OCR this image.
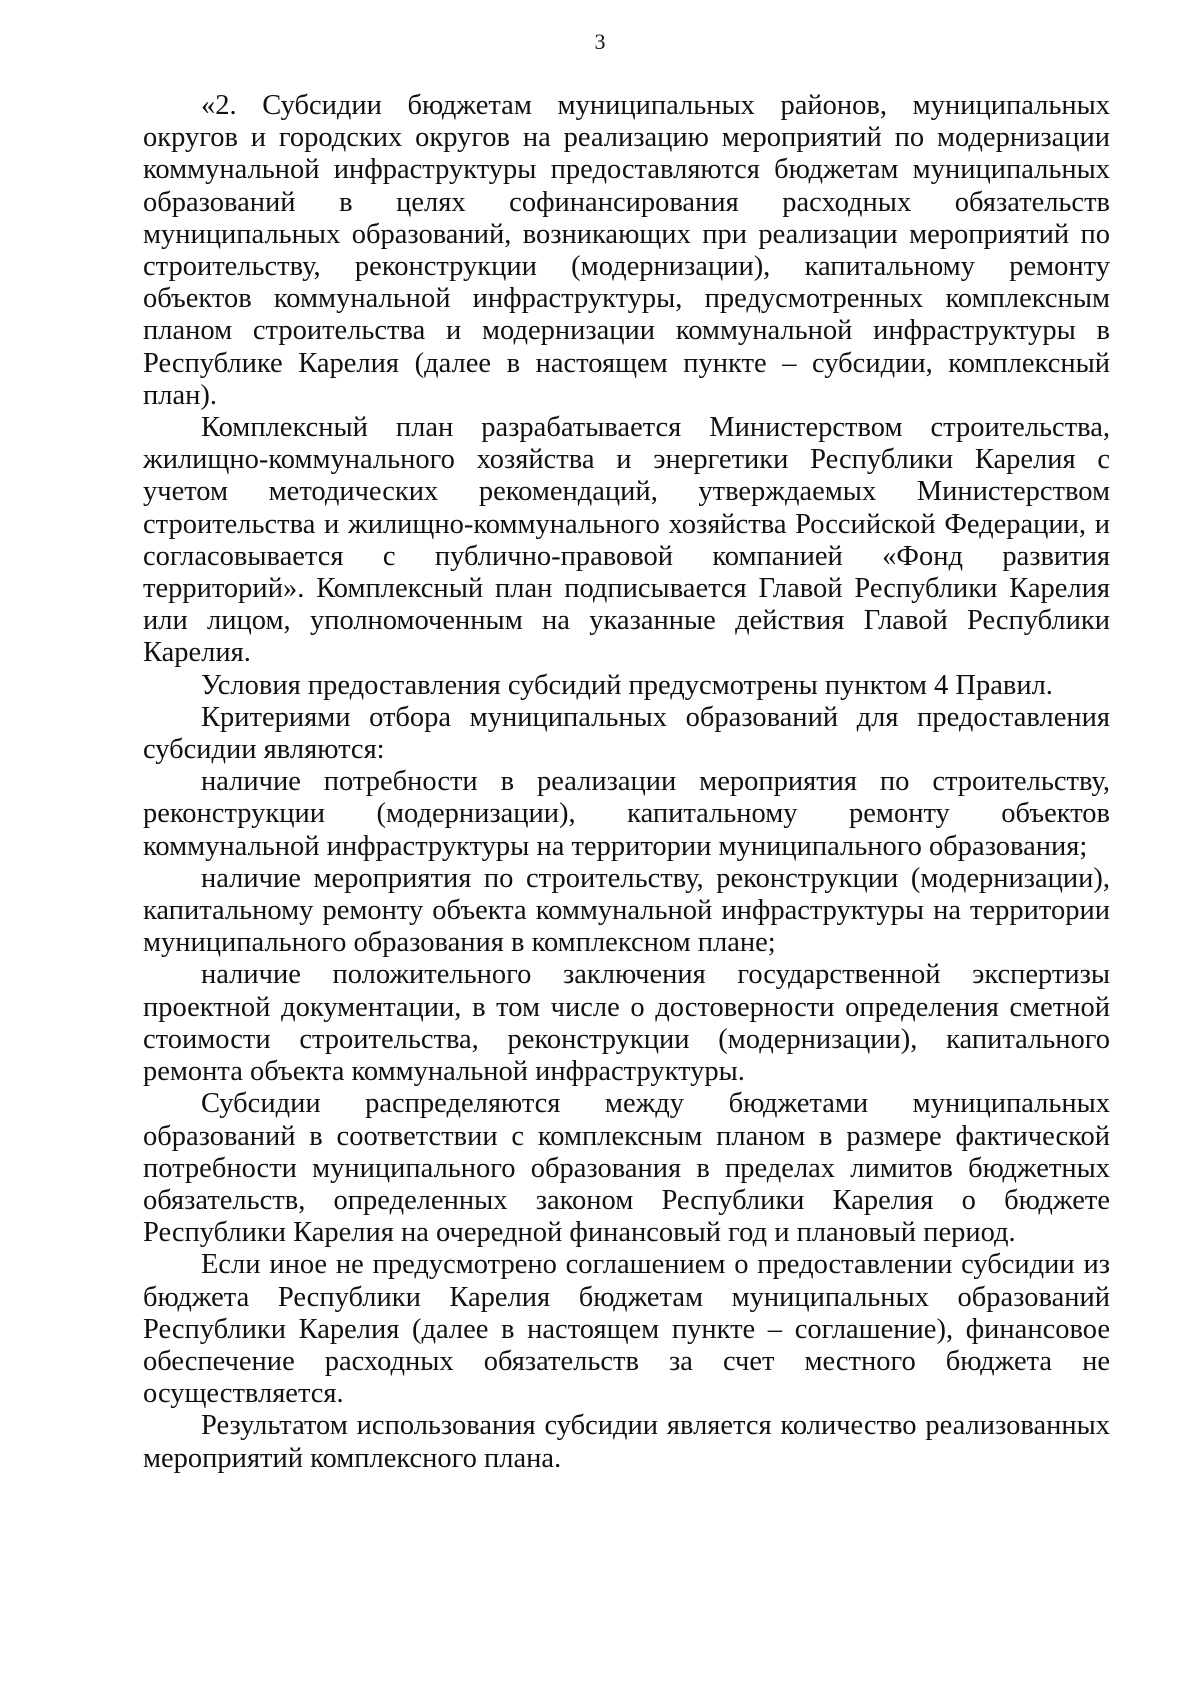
3

«2. Субсидии бюджетам муниципальных районов, муниципальных округов и городских округов на реализацию мероприятий по модернизации коммунальной инфраструктуры предоставляются бюджетам муниципальных образований в целях софинансирования расходных обязательств муниципальных образований, возникающих при реализации мероприятий по строительству, реконструкции (модернизации), капитальному ремонту объектов коммунальной инфраструктуры, предусмотренных комплексным планом строительства и модернизации коммунальной инфраструктуры в Республике Карелия (далее в настоящем пункте – субсидии, комплексный план).

Комплексный план разрабатывается Министерством строительства, жилищно-коммунального хозяйства и энергетики Республики Карелия с учетом методических рекомендаций, утверждаемых Министерством строительства и жилищно-коммунального хозяйства Российской Федерации, и согласовывается с публично-правовой компанией «Фонд развития территорий». Комплексный план подписывается Главой Республики Карелия или лицом, уполномоченным на указанные действия Главой Республики Карелия.

Условия предоставления субсидий предусмотрены пунктом 4 Правил.

Критериями отбора муниципальных образований для предоставления субсидии являются:

наличие потребности в реализации мероприятия по строительству, реконструкции (модернизации), капитальному ремонту объектов коммунальной инфраструктуры на территории муниципального образования;

наличие мероприятия по строительству, реконструкции (модернизации), капитальному ремонту объекта коммунальной инфраструктуры на территории муниципального образования в комплексном плане;

наличие положительного заключения государственной экспертизы проектной документации, в том числе о достоверности определения сметной стоимости строительства, реконструкции (модернизации), капитального ремонта объекта коммунальной инфраструктуры.

Субсидии распределяются между бюджетами муниципальных образований в соответствии с комплексным планом в размере фактической потребности муниципального образования в пределах лимитов бюджетных обязательств, определенных законом Республики Карелия о бюджете Республики Карелия на очередной финансовый год и плановый период.

Если иное не предусмотрено соглашением о предоставлении субсидии из бюджета Республики Карелия бюджетам муниципальных образований Республики Карелия (далее в настоящем пункте – соглашение), финансовое обеспечение расходных обязательств за счет местного бюджета не осуществляется.

Результатом использования субсидии является количество реализованных мероприятий комплексного плана.
